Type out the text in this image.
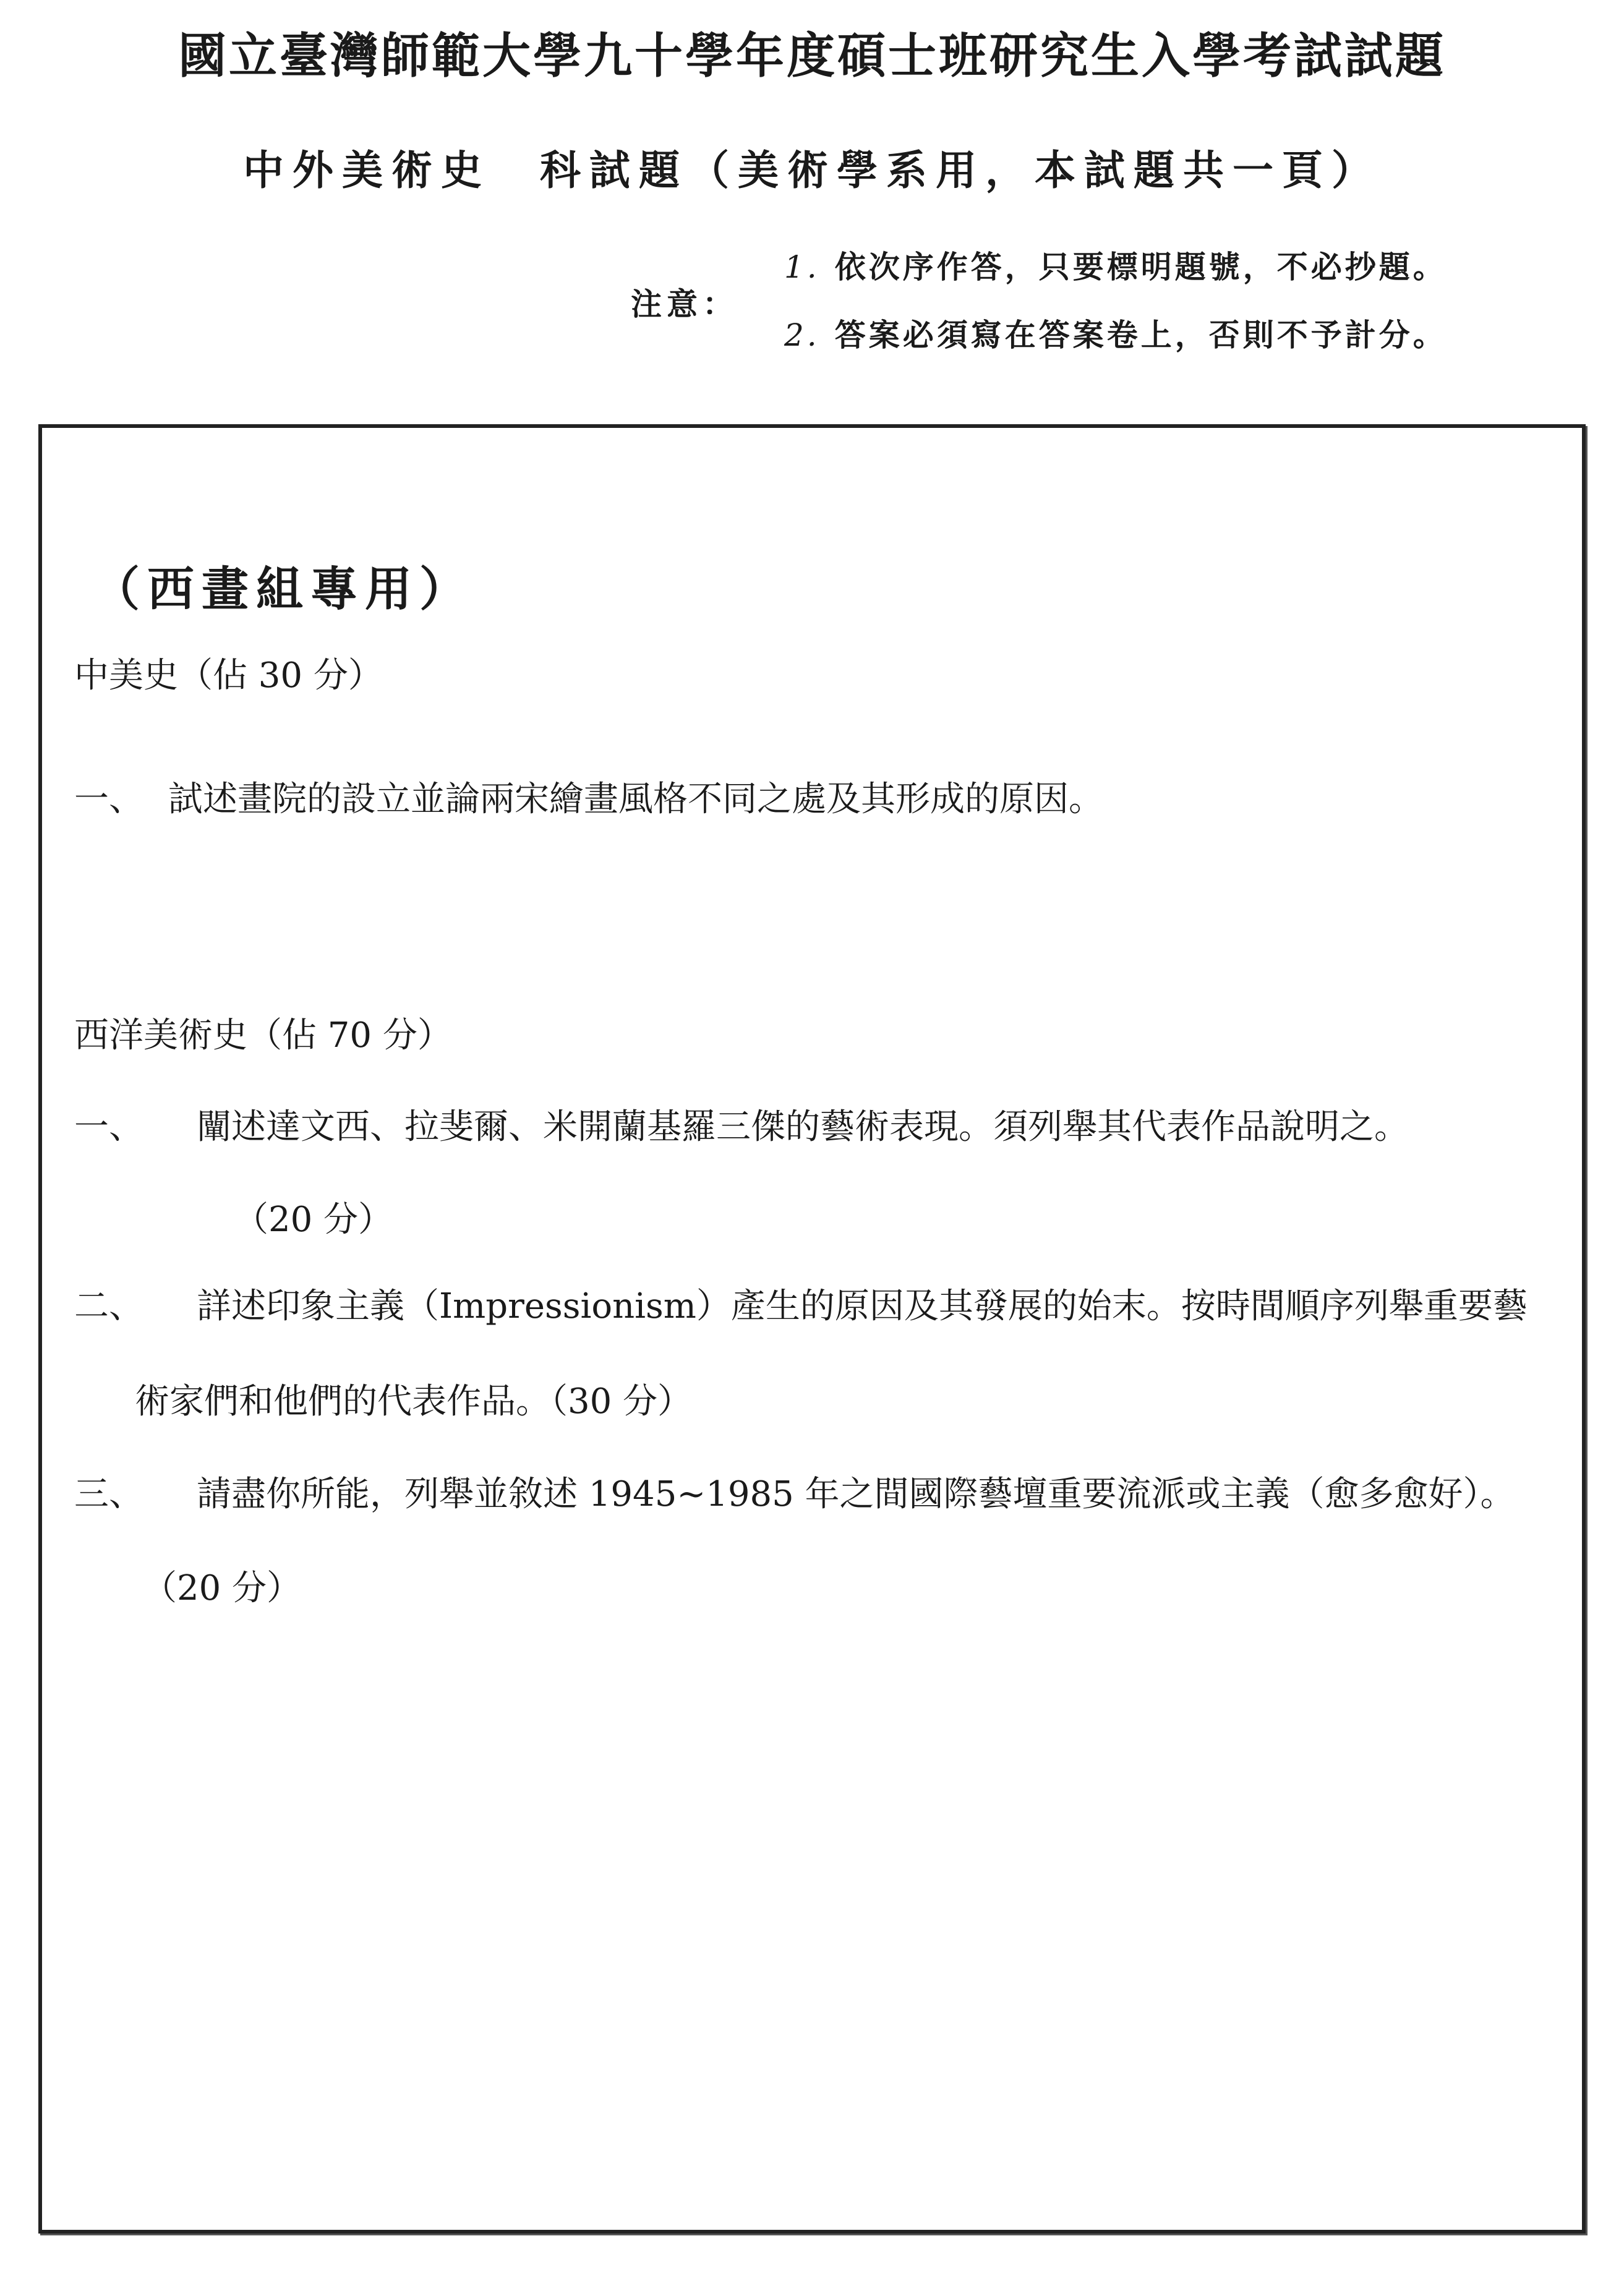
國立臺灣師範大學九十學年度碩士班研究生入學考試試題
中外美術史　科試題（美術學系用，本試題共一頁）
注意：
1. 依次序作答，只要標明題號，不必抄題。
2. 答案必須寫在答案卷上，否則不予計分。
（西畫組專用）
中美史（佔 30 分）
一、 試述畫院的設立並論兩宋繪畫風格不同之處及其形成的原因。
西洋美術史（佔 70 分）
一、 闡述達文西、拉斐爾、米開蘭基羅三傑的藝術表現。須列舉其代表作品說明之。
（20 分）
二、 詳述印象主義（Impressionism）產生的原因及其發展的始末。按時間順序列舉重要藝
術家們和他們的代表作品。（30 分）
三、 請盡你所能，列舉並敘述 1945~1985 年之間國際藝壇重要流派或主義（愈多愈好）。
（20 分）
